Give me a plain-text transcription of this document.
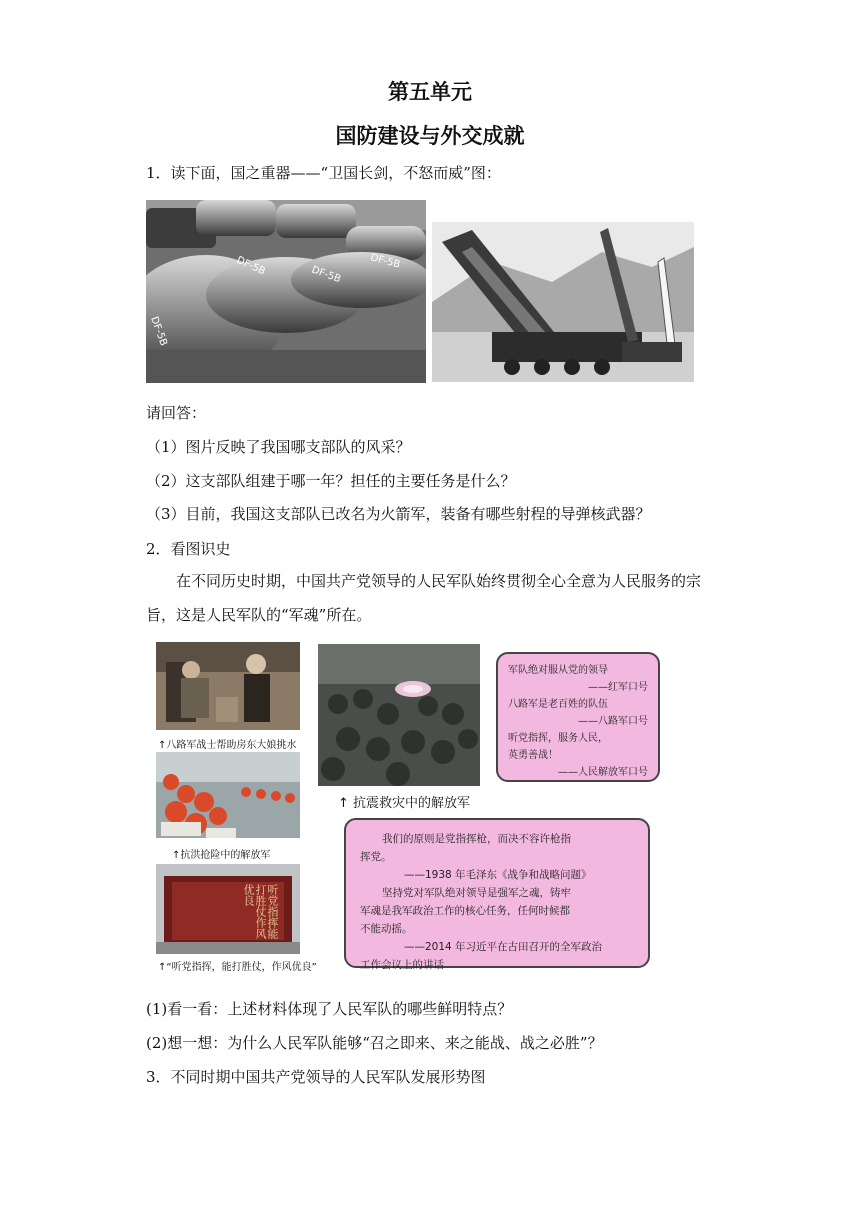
第五单元
国防建设与外交成就
1．读下面，国之重器——“卫国长剑，不怒而威”图：
DF-5B
DF-5B	DF-5B
DF-5B
请回答：
（1）图片反映了我国哪支部队的风采？
（2）这支部队组建于哪一年？担任的主要任务是什么？
（3）目前，我国这支部队已改名为火箭军，装备有哪些射程的导弹核武器？
2．看图识史
在不同历史时期，中国共产党领导的人民军队始终贯彻全心全意为人民服务的宗旨，这是人民军队的“军魂”所在。
↑八路军战士帮助房东大娘挑水
↑抗洪抢险中的解放军
听党指挥能打胜仗作风优良
↑“听党指挥，能打胜仗，作风优良”
↑ 抗震救灾中的解放军
军队绝对服从党的领导
——红军口号
八路军是老百姓的队伍
——八路军口号
听党指挥，服务人民，
英勇善战！
——人民解放军口号
我们的原则是党指挥枪，而决不容许枪指
挥党。
——1938 年毛泽东《战争和战略问题》
坚持党对军队绝对领导是强军之魂，铸牢
军魂是我军政治工作的核心任务，任何时候都
不能动摇。
——2014 年习近平在古田召开的全军政治
工作会议上的讲话
(1)看一看：上述材料体现了人民军队的哪些鲜明特点？
(2)想一想：为什么人民军队能够“召之即来、来之能战、战之必胜”？
3．不同时期中国共产党领导的人民军队发展形势图
